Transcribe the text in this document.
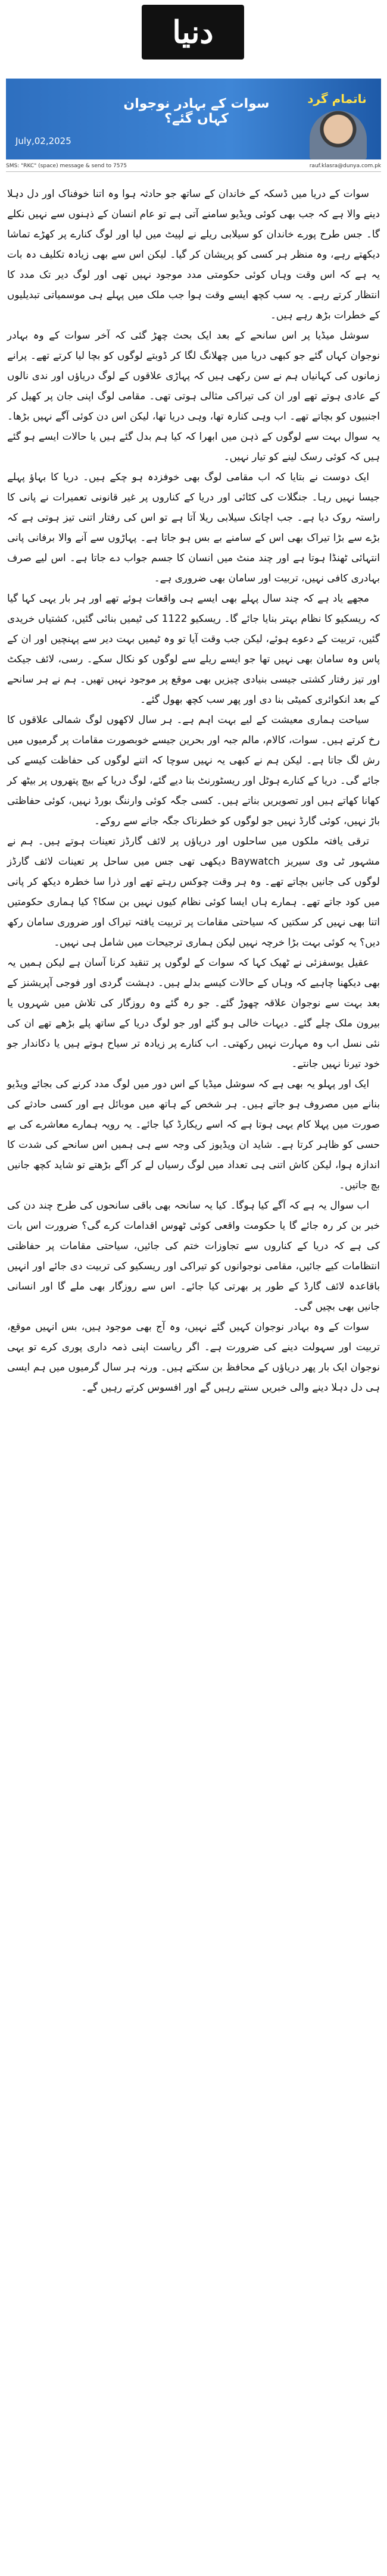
دنیا
سوات کے بہادر نوجوان کہاں گئے؟
ناتمام گرد
July,02,2025
SMS: "RKC" (space) message & send to 7575	rauf.klasra@dunya.com.pk

سوات کے دریا میں ڈسکہ کے خاندان کے ساتھ جو حادثہ ہوا وہ اتنا خوفناک اور دل دہلا دینے والا ہے کہ جب بھی کوئی ویڈیو سامنے آتی ہے تو عام انسان کے ذہنوں سے نہیں نکلے گا۔ جس طرح پورے خاندان کو سیلابی ریلے نے لپیٹ میں لیا اور لوگ کنارے پر کھڑے تماشا دیکھتے رہے، وہ منظر ہر کسی کو پریشان کر گیا۔ لیکن اس سے بھی زیادہ تکلیف دہ بات یہ ہے کہ اس وقت وہاں کوئی حکومتی مدد موجود نہیں تھی اور لوگ دیر تک مدد کا انتظار کرتے رہے۔ یہ سب کچھ ایسے وقت ہوا جب ملک میں پہلے ہی موسمیاتی تبدیلیوں کے خطرات بڑھ رہے ہیں۔

سوشل میڈیا پر اس سانحے کے بعد ایک بحث چھڑ گئی کہ آخر سوات کے وہ بہادر نوجوان کہاں گئے جو کبھی دریا میں چھلانگ لگا کر ڈوبتے لوگوں کو بچا لیا کرتے تھے۔ پرانے زمانوں کی کہانیاں ہم نے سن رکھی ہیں کہ پہاڑی علاقوں کے لوگ دریاؤں اور ندی نالوں کے عادی ہوتے تھے اور ان کی تیراکی مثالی ہوتی تھی۔ مقامی لوگ اپنی جان پر کھیل کر اجنبیوں کو بچاتے تھے۔ اب وہی کنارہ تھا، وہی دریا تھا، لیکن اس دن کوئی آگے نہیں بڑھا۔ یہ سوال بہت سے لوگوں کے ذہن میں ابھرا کہ کیا ہم بدل گئے ہیں یا حالات ایسے ہو گئے ہیں کہ کوئی رسک لینے کو تیار نہیں۔

ایک دوست نے بتایا کہ اب مقامی لوگ بھی خوفزدہ ہو چکے ہیں۔ دریا کا بہاؤ پہلے جیسا نہیں رہا۔ جنگلات کی کٹائی اور دریا کے کناروں پر غیر قانونی تعمیرات نے پانی کا راستہ روک دیا ہے۔ جب اچانک سیلابی ریلا آتا ہے تو اس کی رفتار اتنی تیز ہوتی ہے کہ بڑے سے بڑا تیراک بھی اس کے سامنے بے بس ہو جاتا ہے۔ پہاڑوں سے آنے والا برفانی پانی انتہائی ٹھنڈا ہوتا ہے اور چند منٹ میں انسان کا جسم جواب دے جاتا ہے۔ اس لیے صرف بہادری کافی نہیں، تربیت اور سامان بھی ضروری ہے۔

مجھے یاد ہے کہ چند سال پہلے بھی ایسے ہی واقعات ہوئے تھے اور ہر بار یہی کہا گیا کہ ریسکیو کا نظام بہتر بنایا جائے گا۔ ریسکیو 1122 کی ٹیمیں بنائی گئیں، کشتیاں خریدی گئیں، تربیت کے دعوے ہوئے، لیکن جب وقت آیا تو وہ ٹیمیں بہت دیر سے پہنچیں اور ان کے پاس وہ سامان بھی نہیں تھا جو ایسے ریلے سے لوگوں کو نکال سکے۔ رسی، لائف جیکٹ اور تیز رفتار کشتی جیسی بنیادی چیزیں بھی موقع پر موجود نہیں تھیں۔ ہم نے ہر سانحے کے بعد انکوائری کمیٹی بنا دی اور پھر سب کچھ بھول گئے۔

سیاحت ہماری معیشت کے لیے بہت اہم ہے۔ ہر سال لاکھوں لوگ شمالی علاقوں کا رخ کرتے ہیں۔ سوات، کالام، مالم جبہ اور بحرین جیسے خوبصورت مقامات پر گرمیوں میں رش لگ جاتا ہے۔ لیکن ہم نے کبھی یہ نہیں سوچا کہ اتنے لوگوں کی حفاظت کیسے کی جائے گی۔ دریا کے کنارے ہوٹل اور ریسٹورنٹ بنا دیے گئے، لوگ دریا کے بیچ پتھروں پر بیٹھ کر کھانا کھاتے ہیں اور تصویریں بناتے ہیں۔ کسی جگہ کوئی وارننگ بورڈ نہیں، کوئی حفاظتی باڑ نہیں، کوئی گارڈ نہیں جو لوگوں کو خطرناک جگہ جانے سے روکے۔

ترقی یافتہ ملکوں میں ساحلوں اور دریاؤں پر لائف گارڈز تعینات ہوتے ہیں۔ ہم نے مشہور ٹی وی سیریز Baywatch دیکھی تھی جس میں ساحل پر تعینات لائف گارڈز لوگوں کی جانیں بچاتے تھے۔ وہ ہر وقت چوکس رہتے تھے اور ذرا سا خطرہ دیکھ کر پانی میں کود جاتے تھے۔ ہمارے ہاں ایسا کوئی نظام کیوں نہیں بن سکا؟ کیا ہماری حکومتیں اتنا بھی نہیں کر سکتیں کہ سیاحتی مقامات پر تربیت یافتہ تیراک اور ضروری سامان رکھ دیں؟ یہ کوئی بہت بڑا خرچہ نہیں لیکن ہماری ترجیحات میں شامل ہی نہیں۔

عقیل یوسفزئی نے ٹھیک کہا کہ سوات کے لوگوں پر تنقید کرنا آسان ہے لیکن ہمیں یہ بھی دیکھنا چاہیے کہ وہاں کے حالات کیسے بدلے ہیں۔ دہشت گردی اور فوجی آپریشنز کے بعد بہت سے نوجوان علاقہ چھوڑ گئے۔ جو رہ گئے وہ روزگار کی تلاش میں شہروں یا بیرون ملک چلے گئے۔ دیہات خالی ہو گئے اور جو لوگ دریا کے ساتھ پلے بڑھے تھے ان کی نئی نسل اب وہ مہارت نہیں رکھتی۔ اب کنارے پر زیادہ تر سیاح ہوتے ہیں یا دکاندار جو خود تیرنا نہیں جانتے۔

ایک اور پہلو یہ بھی ہے کہ سوشل میڈیا کے اس دور میں لوگ مدد کرنے کی بجائے ویڈیو بنانے میں مصروف ہو جاتے ہیں۔ ہر شخص کے ہاتھ میں موبائل ہے اور کسی حادثے کی صورت میں پہلا کام یہی ہوتا ہے کہ اسے ریکارڈ کیا جائے۔ یہ رویہ ہمارے معاشرے کی بے حسی کو ظاہر کرتا ہے۔ شاید ان ویڈیوز کی وجہ سے ہی ہمیں اس سانحے کی شدت کا اندازہ ہوا، لیکن کاش اتنی ہی تعداد میں لوگ رسیاں لے کر آگے بڑھتے تو شاید کچھ جانیں بچ جاتیں۔

اب سوال یہ ہے کہ آگے کیا ہوگا۔ کیا یہ سانحہ بھی باقی سانحوں کی طرح چند دن کی خبر بن کر رہ جائے گا یا حکومت واقعی کوئی ٹھوس اقدامات کرے گی؟ ضرورت اس بات کی ہے کہ دریا کے کناروں سے تجاوزات ختم کی جائیں، سیاحتی مقامات پر حفاظتی انتظامات کیے جائیں، مقامی نوجوانوں کو تیراکی اور ریسکیو کی تربیت دی جائے اور انہیں باقاعدہ لائف گارڈ کے طور پر بھرتی کیا جائے۔ اس سے روزگار بھی ملے گا اور انسانی جانیں بھی بچیں گی۔

سوات کے وہ بہادر نوجوان کہیں گئے نہیں، وہ آج بھی موجود ہیں، بس انہیں موقع، تربیت اور سہولت دینے کی ضرورت ہے۔ اگر ریاست اپنی ذمہ داری پوری کرے تو یہی نوجوان ایک بار پھر دریاؤں کے محافظ بن سکتے ہیں۔ ورنہ ہر سال گرمیوں میں ہم ایسی ہی دل دہلا دینے والی خبریں سنتے رہیں گے اور افسوس کرتے رہیں گے۔
